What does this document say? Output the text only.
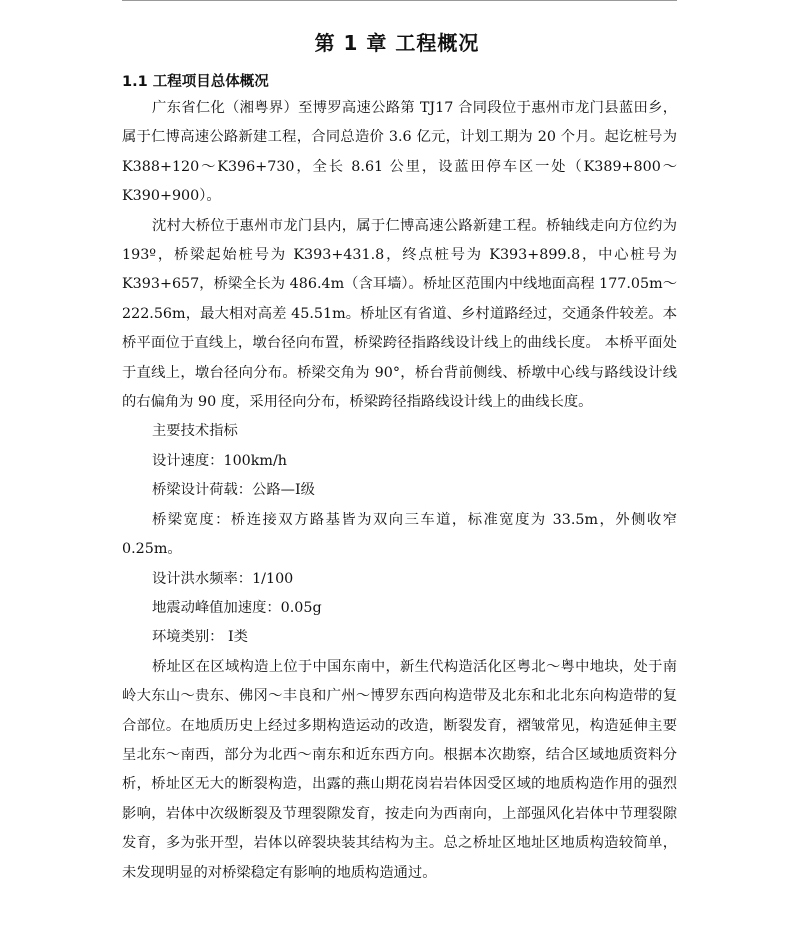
第 1 章 工程概况
1.1 工程项目总体概况

广东省仁化（湘粤界）至博罗高速公路第 TJ17 合同段位于惠州市龙门县蓝田乡，属于仁博高速公路新建工程，合同总造价 3.6 亿元，计划工期为 20 个月。起讫桩号为 K388+120～K396+730，全长 8.61 公里，设蓝田停车区一处（K389+800～K390+900）。

沈村大桥位于惠州市龙门县内，属于仁博高速公路新建工程。桥轴线走向方位约为 193º，桥梁起始桩号为 K393+431.8，终点桩号为 K393+899.8，中心桩号为 K393+657，桥梁全长为 486.4m（含耳墙）。桥址区范围内中线地面高程 177.05m～222.56m，最大相对高差 45.51m。桥址区有省道、乡村道路经过，交通条件较差。本桥平面位于直线上，墩台径向布置，桥梁跨径指路线设计线上的曲线长度。 本桥平面处于直线上，墩台径向分布。桥梁交角为 90°，桥台背前侧线、桥墩中心线与路线设计线的右偏角为 90 度，采用径向分布，桥梁跨径指路线设计线上的曲线长度。

主要技术指标

设计速度：100km/h

桥梁设计荷载：公路—Ⅰ级

桥梁宽度：桥连接双方路基皆为双向三车道，标准宽度为 33.5m，外侧收窄0.25m。

设计洪水频率：1/100

地震动峰值加速度：0.05g

环境类别： Ⅰ类

桥址区在区域构造上位于中国东南中，新生代构造活化区粤北～粤中地块，处于南岭大东山～贵东、佛冈～丰良和广州～博罗东西向构造带及北东和北北东向构造带的复合部位。在地质历史上经过多期构造运动的改造，断裂发育，褶皱常见，构造延伸主要呈北东～南西，部分为北西～南东和近东西方向。根据本次勘察，结合区域地质资料分析，桥址区无大的断裂构造，出露的燕山期花岗岩岩体因受区域的地质构造作用的强烈影响，岩体中次级断裂及节理裂隙发育，按走向为西南向，上部强风化岩体中节理裂隙发育，多为张开型，岩体以碎裂块装其结构为主。总之桥址区地址区地质构造较简单，未发现明显的对桥梁稳定有影响的地质构造通过。
